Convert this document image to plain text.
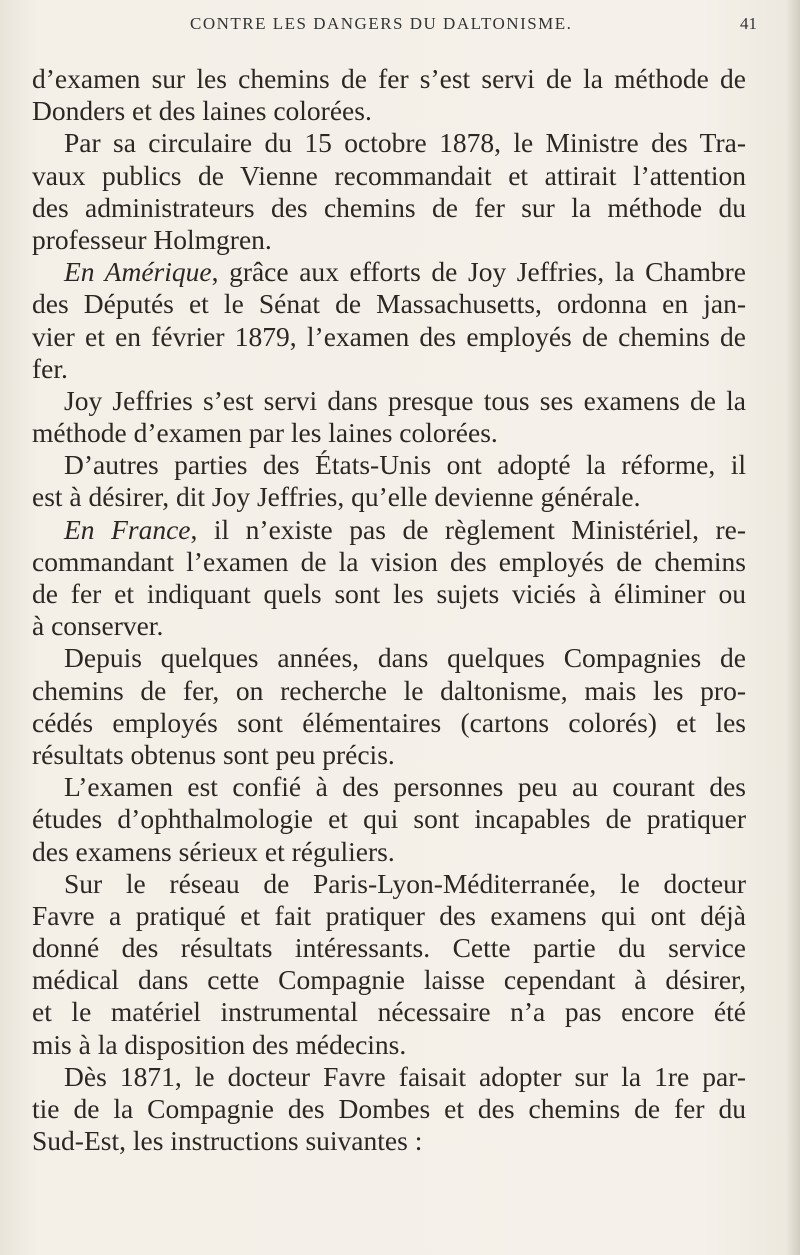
CONTRE LES DANGERS DU DALTONISME.	41
d’examen sur les chemins de fer s’est servi de la méthode de
Donders et des laines colorées.
Par sa circulaire du 15 octobre 1878, le Ministre des Tra-
vaux publics de Vienne recommandait et attirait l’attention
des administrateurs des chemins de fer sur la méthode du
professeur Holmgren.
En Amérique, grâce aux efforts de Joy Jeffries, la Chambre
des Députés et le Sénat de Massachusetts, ordonna en jan-
vier et en février 1879, l’examen des employés de chemins de
fer.
Joy Jeffries s’est servi dans presque tous ses examens de la
méthode d’examen par les laines colorées.
D’autres parties des États-Unis ont adopté la réforme, il
est à désirer, dit Joy Jeffries, qu’elle devienne générale.
En France, il n’existe pas de règlement Ministériel, re-
commandant l’examen de la vision des employés de chemins
de fer et indiquant quels sont les sujets viciés à éliminer ou
à conserver.
Depuis quelques années, dans quelques Compagnies de
chemins de fer, on recherche le daltonisme, mais les pro-
cédés employés sont élémentaires (cartons colorés) et les
résultats obtenus sont peu précis.
L’examen est confié à des personnes peu au courant des
études d’ophthalmologie et qui sont incapables de pratiquer
des examens sérieux et réguliers.
Sur le réseau de Paris-Lyon-Méditerranée, le docteur
Favre a pratiqué et fait pratiquer des examens qui ont déjà
donné des résultats intéressants. Cette partie du service
médical dans cette Compagnie laisse cependant à désirer,
et le matériel instrumental nécessaire n’a pas encore été
mis à la disposition des médecins.
Dès 1871, le docteur Favre faisait adopter sur la 1re par-
tie de la Compagnie des Dombes et des chemins de fer du
Sud-Est, les instructions suivantes :
